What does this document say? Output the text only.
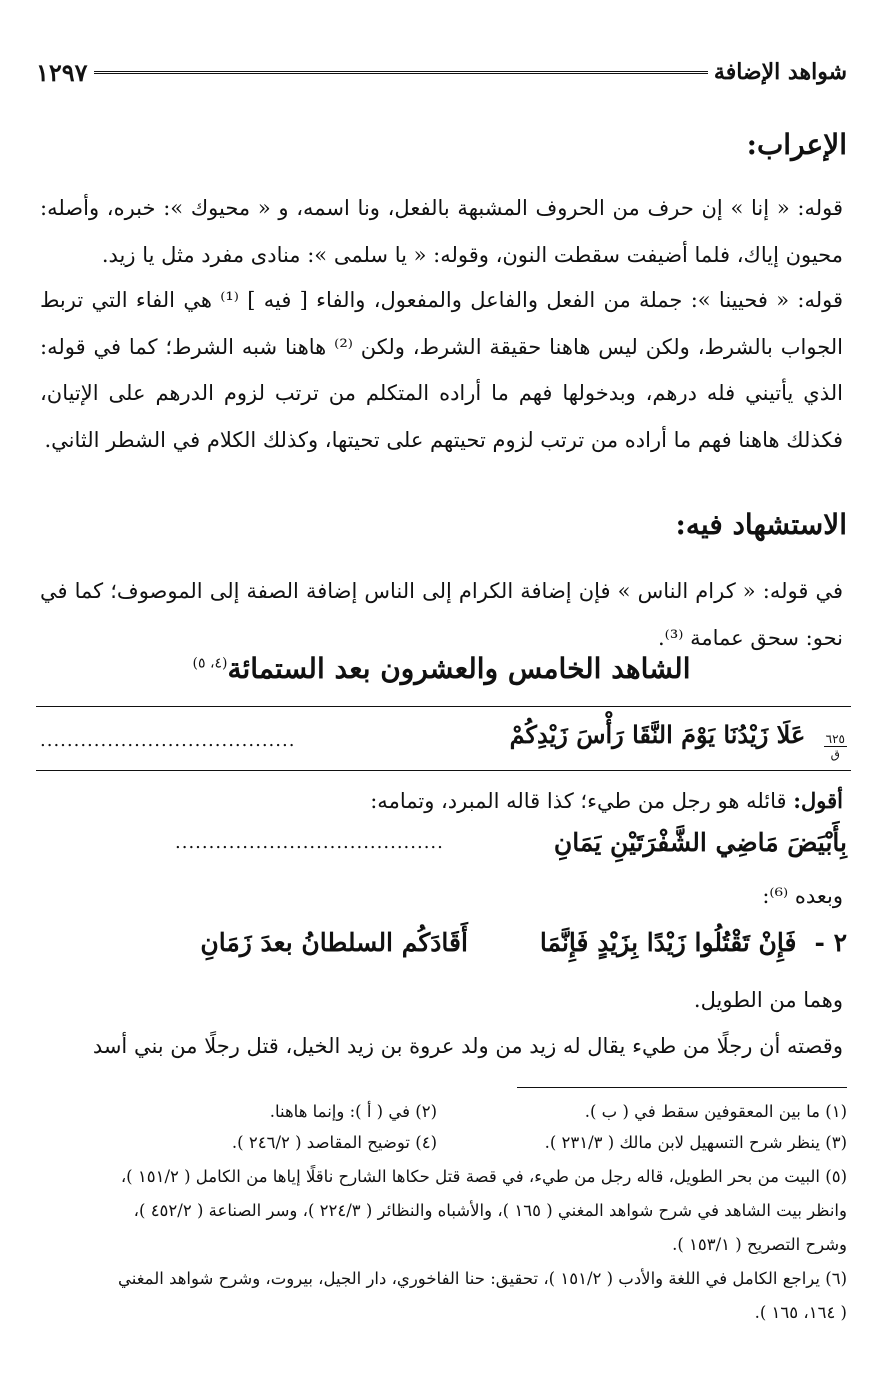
شواهد الإضافة
١٢٩٧
الإعراب:
قوله: « إنا » إن حرف من الحروف المشبهة بالفعل، ونا اسمه، و « محيوك »: خبره، وأصله: محيون إياك، فلما أضيفت سقطت النون، وقوله: « يا سلمى »: منادى مفرد مثل يا زيد.
قوله: « فحيينا »: جملة من الفعل والفاعل والمفعول، والفاء [ فيه ] ⁽¹⁾ هي الفاء التي تربط الجواب بالشرط، ولكن ليس هاهنا حقيقة الشرط، ولكن ⁽²⁾ هاهنا شبه الشرط؛ كما في قوله: الذي يأتيني فله درهم، وبدخولها فهم ما أراده المتكلم من ترتب لزوم الدرهم على الإتيان، فكذلك هاهنا فهم ما أراده من ترتب لزوم تحيتهم على تحيتها، وكذلك الكلام في الشطر الثاني.
الاستشهاد فيه:
في قوله: « كرام الناس » فإن إضافة الكرام إلى الناس إضافة الصفة إلى الموصوف؛ كما في نحو: سحق عمامة ⁽³⁾.
الشاهد الخامس والعشرون بعد الستمائة$^{(٤، ٥)}$
$\frac{٦٢٥}{\text{ق}}$
عَلَا زَيْدُنَا يَوْمَ النَّقَا رَأْسَ زَيْدِكُمْ
......................................
أقول: قائله هو رجل من طيء؛ كذا قاله المبرد، وتمامه:
بِأَبْيَضَ مَاضِي الشَّفْرَتَيْنِ يَمَانِ
........................................
وبعده ⁽⁶⁾:
٢ -
فَإِنْ تَقْتُلُوا زَيْدًا بِزَيْدٍ فَإِنَّمَا
أَقَادَكُم السلطانُ بعدَ زَمَانِ
وهما من الطويل.
وقصته أن رجلًا من طيء يقال له زيد من ولد عروة بن زيد الخيل، قتل رجلًا من بني أسد
(١) ما بين المعقوفين سقط في ( ب ).
(٢) في ( أ ): وإنما هاهنا.
(٣) ينظر شرح التسهيل لابن مالك ( ٢٣١/٣ ).
(٤) توضيح المقاصد ( ٢٤٦/٢ ).
(٥) البيت من بحر الطويل، قاله رجل من طيء، في قصة قتل حكاها الشارح ناقلًا إياها من الكامل ( ١٥١/٢ )،
وانظر بيت الشاهد في شرح شواهد المغني ( ١٦٥ )، والأشباه والنظائر ( ٢٢٤/٣ )، وسر الصناعة ( ٤٥٢/٢ )،
وشرح التصريح ( ١٥٣/١ ).
(٦) يراجع الكامل في اللغة والأدب ( ١٥١/٢ )، تحقيق: حنا الفاخوري، دار الجيل، بيروت، وشرح شواهد المغني
( ١٦٤، ١٦٥ ).
